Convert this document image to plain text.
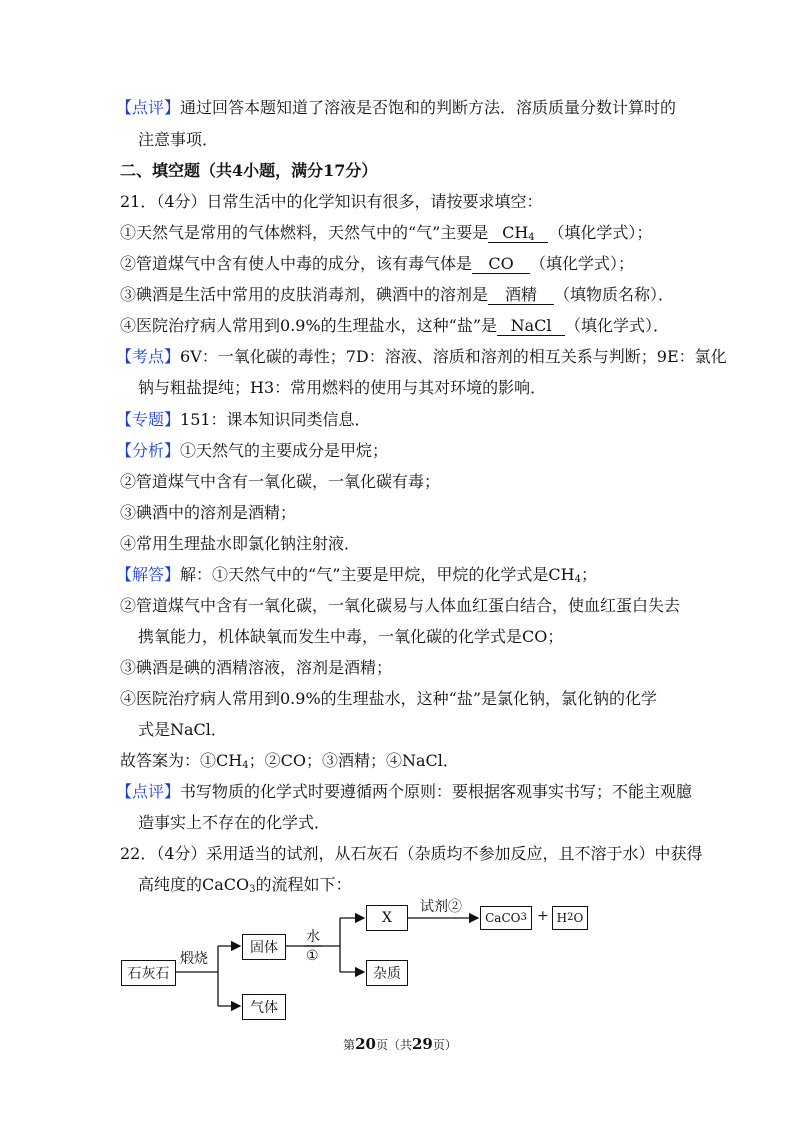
【点评】通过回答本题知道了溶液是否饱和的判断方法．溶质质量分数计算时的
注意事项．
二、填空题（共4小题，满分17分）
21．（4分）日常生活中的化学知识有很多，请按要求填空：
①天然气是常用的气体燃料，天然气中的“气”主要是 $CH_4$ （填化学式）；
②管道煤气中含有使人中毒的成分，该有毒气体是 CO （填化学式）；
③碘酒是生活中常用的皮肤消毒剂，碘酒中的溶剂是 酒精 （填物质名称）．
④医院治疗病人常用到0.9%的生理盐水，这种“盐”是 NaCl （填化学式）．
【考点】6V：一氧化碳的毒性；7D：溶液、溶质和溶剂的相互关系与判断；9E：氯化
钠与粗盐提纯；H3：常用燃料的使用与其对环境的影响．
【专题】151：课本知识同类信息．
【分析】①天然气的主要成分是甲烷；
②管道煤气中含有一氧化碳，一氧化碳有毒；
③碘酒中的溶剂是酒精；
④常用生理盐水即氯化钠注射液．
【解答】解：①天然气中的“气”主要是甲烷，甲烷的化学式是$CH_4$；
②管道煤气中含有一氧化碳，一氧化碳易与人体血红蛋白结合，使血红蛋白失去
携氧能力，机体缺氧而发生中毒，一氧化碳的化学式是CO；
③碘酒是碘的酒精溶液，溶剂是酒精；
④医院治疗病人常用到0.9%的生理盐水，这种“盐”是氯化钠，氯化钠的化学
式是NaCl．
故答案为：$①CH_4$；②CO；③酒精；④NaCl．
【点评】书写物质的化学式时要遵循两个原则：要根据客观事实书写；不能主观臆
造事实上不存在的化学式．
22．（4分）采用适当的试剂，从石灰石（杂质均不参加反应，且不溶于水）中获得
高纯度的CaCO$_3$的流程如下：
石灰石
煅烧
固体
气体
水
①
X
试剂②
CaCO 3 + H 2 O
杂质
第20页（共29页）
